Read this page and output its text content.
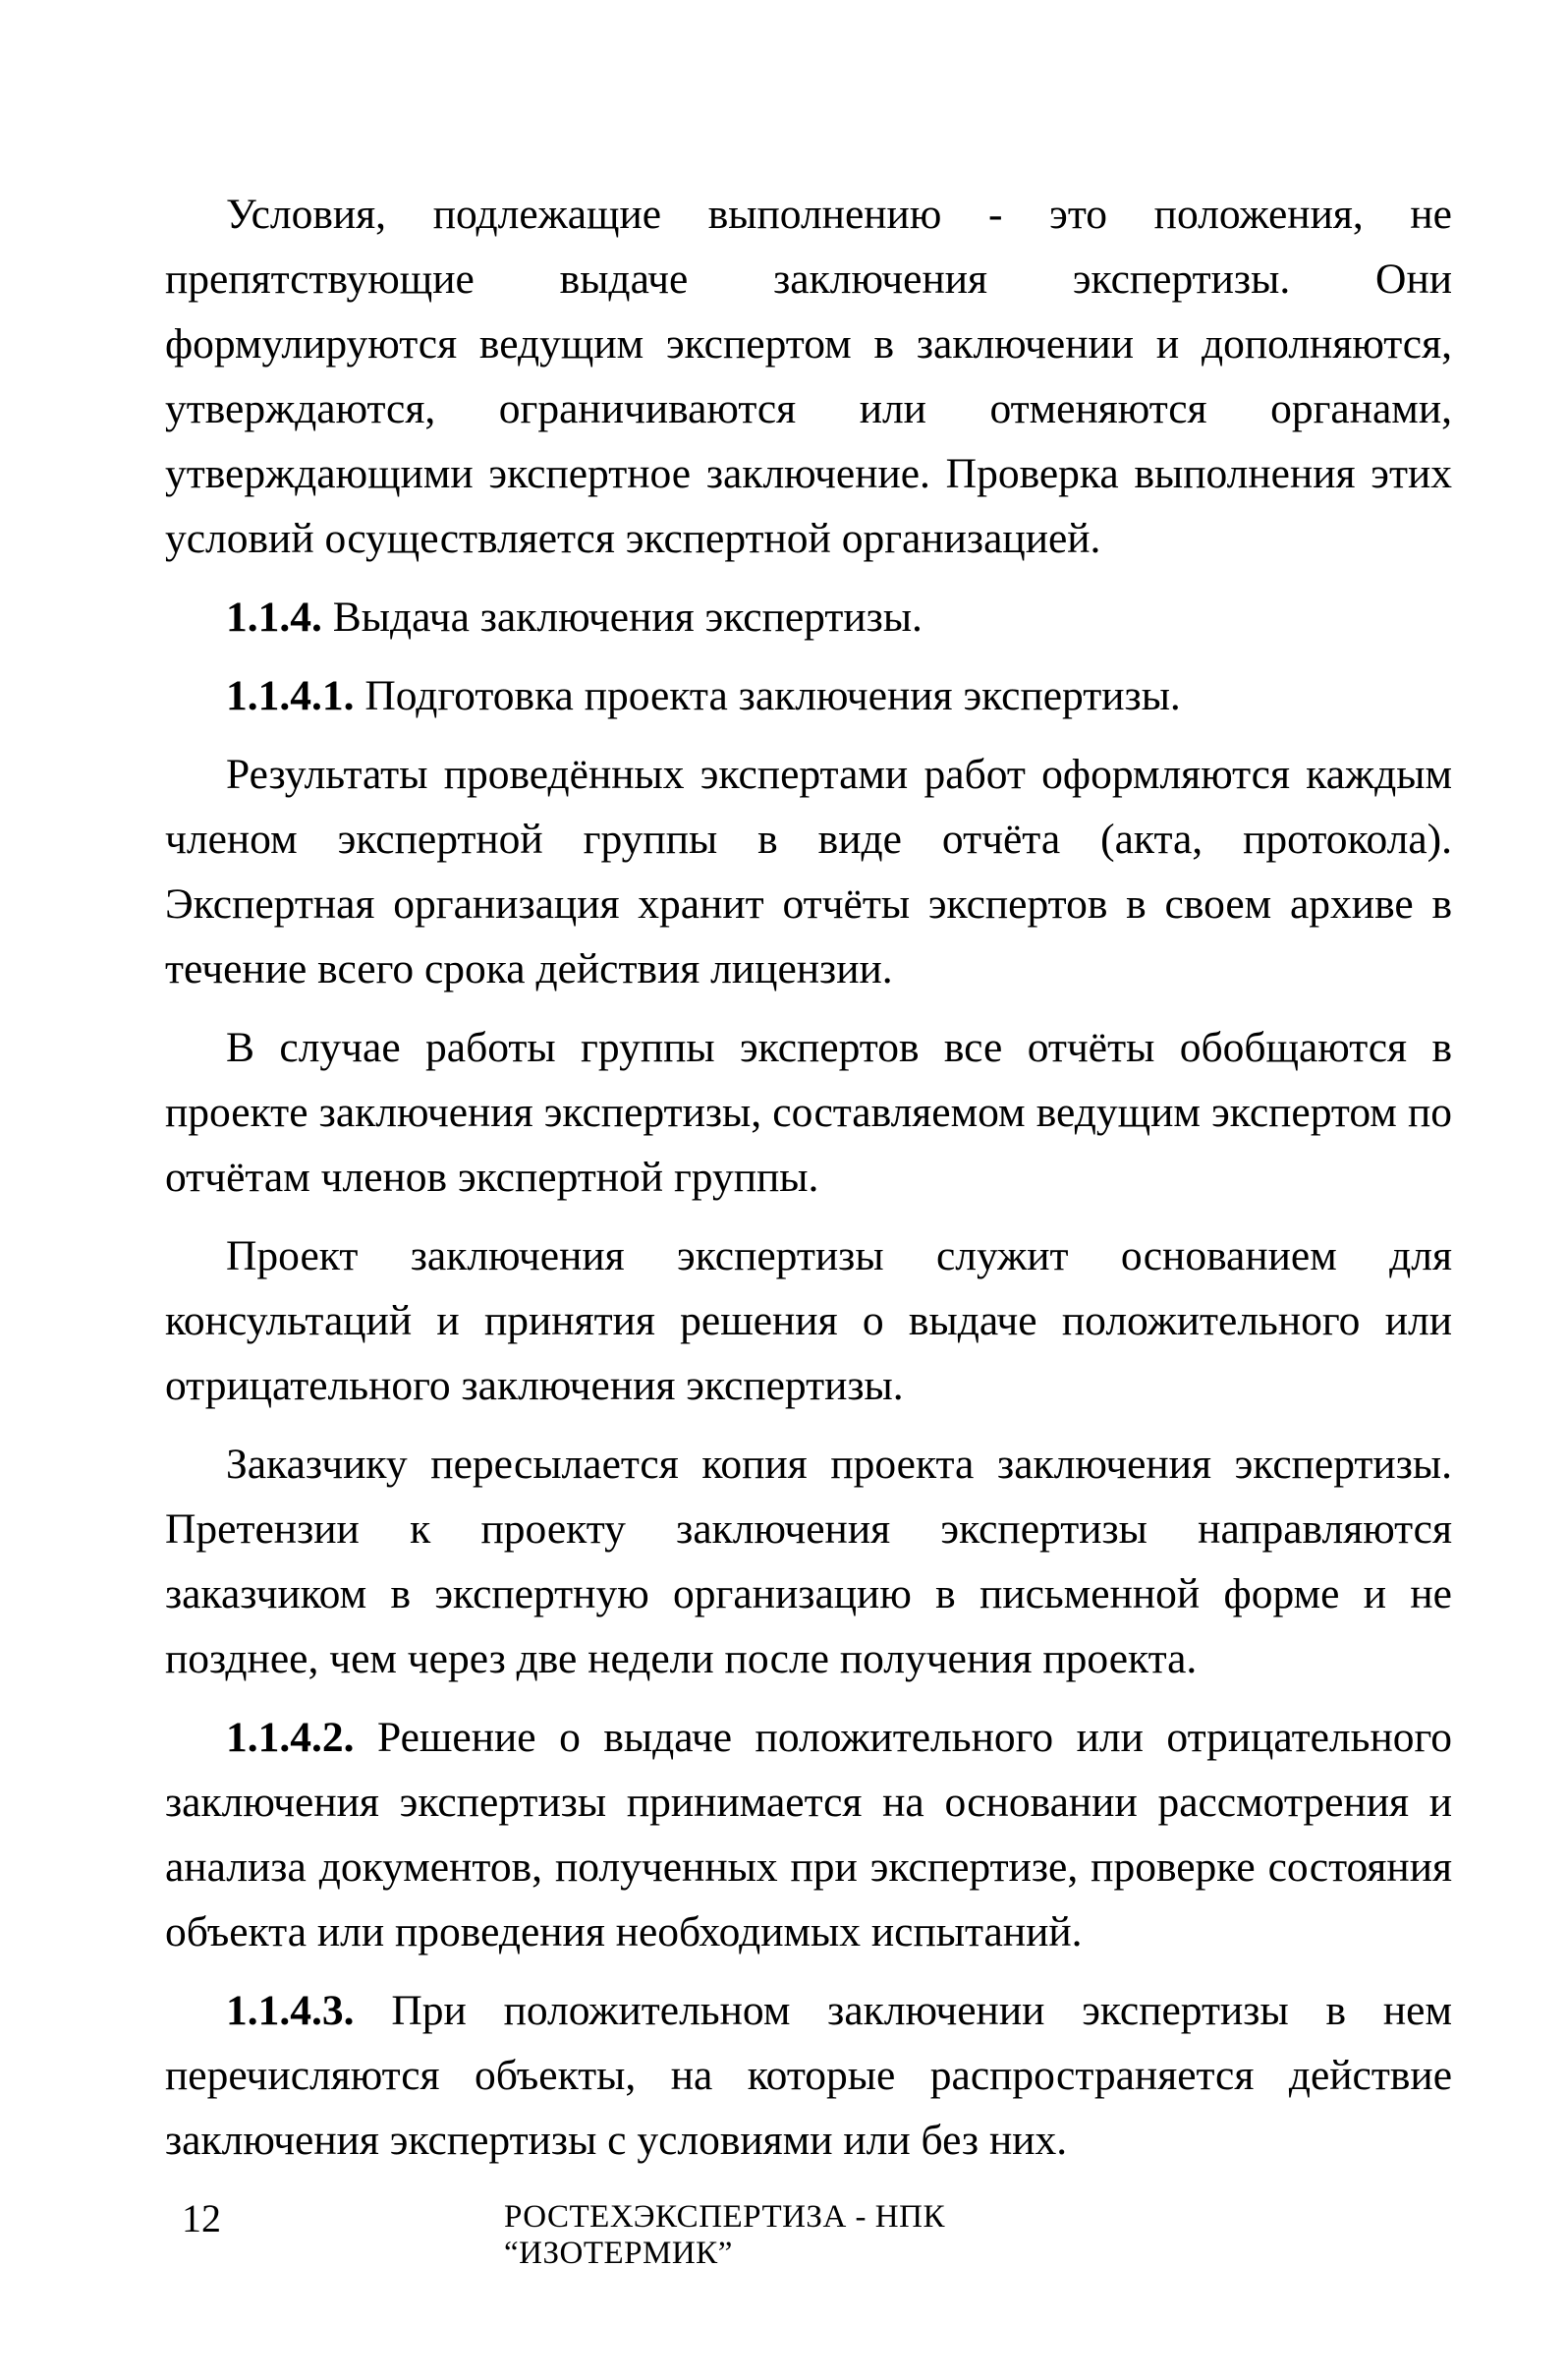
Условия, подлежащие выполнению - это положения, не препятствующие выдаче заключения экспертизы. Они формулируются ведущим экспертом в заключении и дополняются, утверждаются, ограничиваются или отменяются органами, утверждающими экспертное заключение. Проверка выполнения этих условий осуществляется экспертной организацией.

1.1.4. Выдача заключения экспертизы.

1.1.4.1. Подготовка проекта заключения экспертизы.

Результаты проведённых экспертами работ оформляются каждым членом экспертной группы в виде отчёта (акта, протокола). Экспертная организация хранит отчёты экспертов в своем архиве в течение всего срока действия лицензии.

В случае работы группы экспертов все отчёты обобщаются в проекте заключения экспертизы, составляемом ведущим экспертом по отчётам членов экспертной группы.

Проект заключения экспертизы служит основанием для консультаций и принятия решения о выдаче положительного или отрицательного заключения экспертизы.

Заказчику пересылается копия проекта заключения экспертизы. Претензии к проекту заключения экспертизы направляются заказчиком в экспертную организацию в письменной форме и не позднее, чем через две недели после получения проекта.

1.1.4.2. Решение о выдаче положительного или отрицательного заключения экспертизы принимается на основании рассмотрения и анализа документов, полученных при экспертизе, проверке состояния объекта или проведения необходимых испытаний.

1.1.4.3. При положительном заключении экспертизы в нем перечисляются объекты, на которые распространяется действие заключения экспертизы с условиями или без них.

12	РОСТЕХЭКСПЕРТИЗА - НПК “ИЗОТЕРМИК”
